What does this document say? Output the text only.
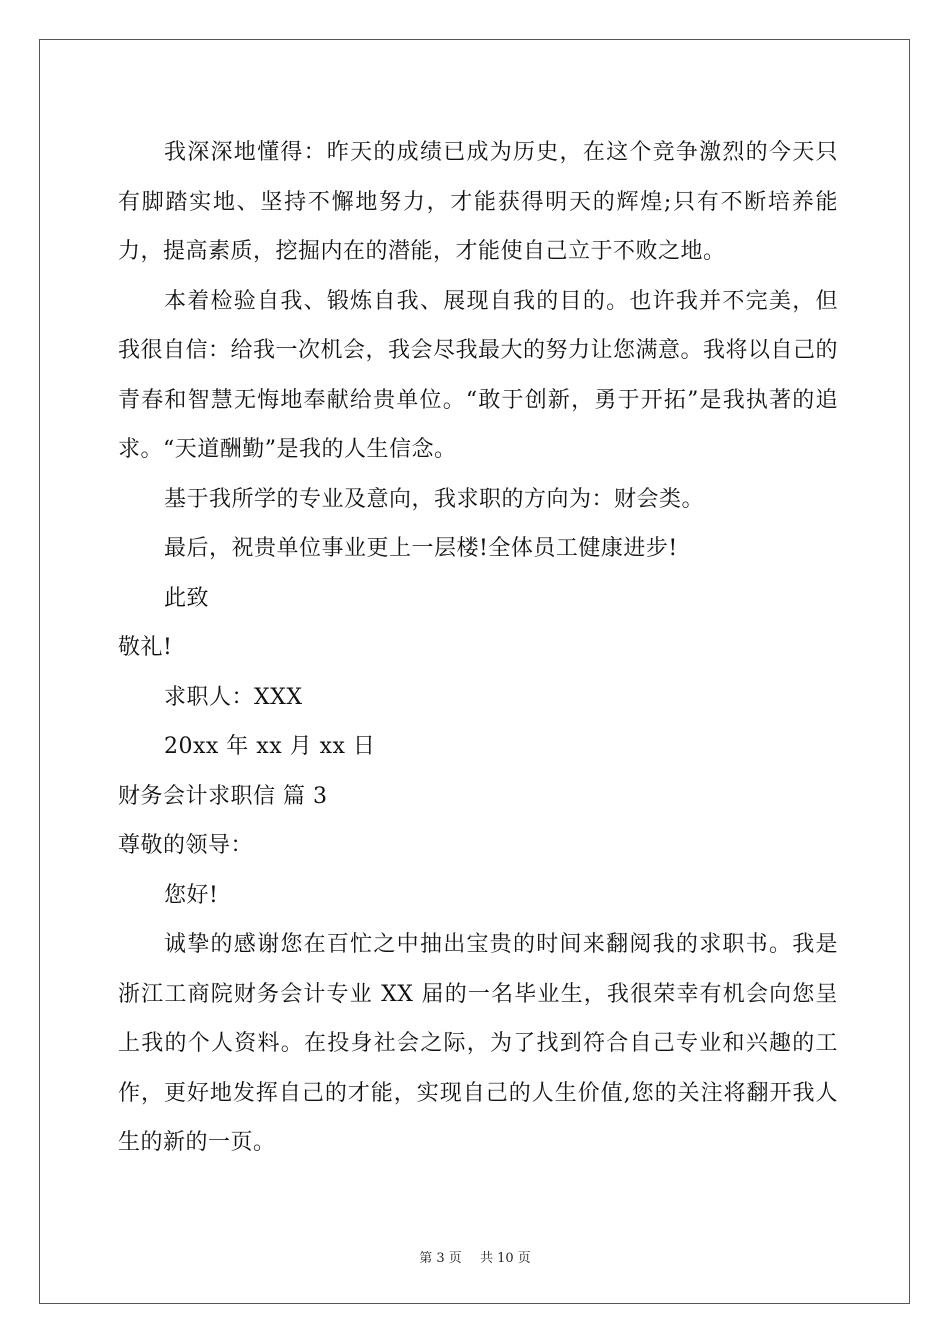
我深深地懂得：昨天的成绩已成为历史，在这个竞争激烈的今天只有脚踏实地、坚持不懈地努力，才能获得明天的辉煌;只有不断培养能力，提高素质，挖掘内在的潜能，才能使自己立于不败之地。

本着检验自我、锻炼自我、展现自我的目的。也许我并不完美，但我很自信：给我一次机会，我会尽我最大的努力让您满意。我将以自己的青春和智慧无悔地奉献给贵单位。“敢于创新，勇于开拓”是我执著的追求。“天道酬勤”是我的人生信念。

基于我所学的专业及意向，我求职的方向为：财会类。

最后，祝贵单位事业更上一层楼!全体员工健康进步!

此致

敬礼!

求职人：XXX

20xx 年 xx 月 xx 日

财务会计求职信 篇 3

尊敬的领导：

您好!

诚挚的感谢您在百忙之中抽出宝贵的时间来翻阅我的求职书。我是浙江工商院财务会计专业 XX 届的一名毕业生，我很荣幸有机会向您呈上我的个人资料。在投身社会之际，为了找到符合自己专业和兴趣的工作，更好地发挥自己的才能，实现自己的人生价值,您的关注将翻开我人生的新的一页。

第 3 页 共 10 页
